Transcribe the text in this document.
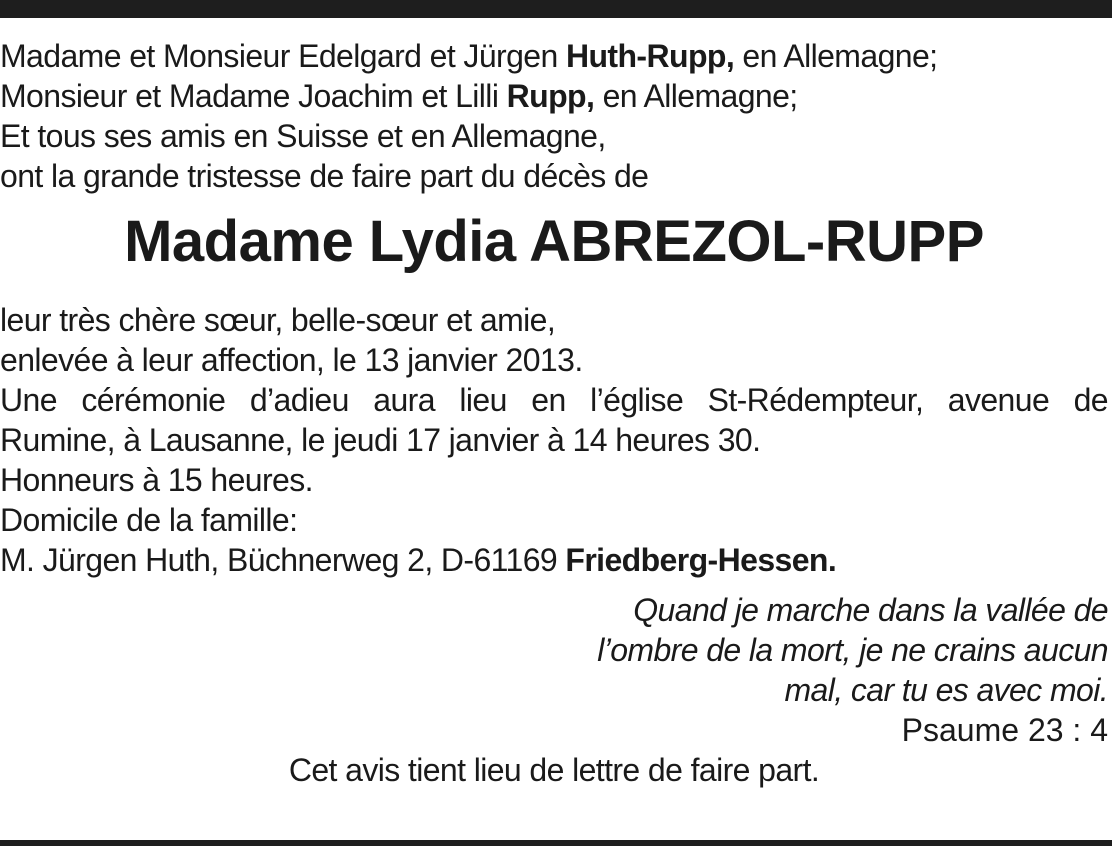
Madame et Monsieur Edelgard et Jürgen Huth-Rupp, en Allemagne;
Monsieur et Madame Joachim et Lilli Rupp, en Allemagne;
Et tous ses amis en Suisse et en Allemagne,
ont la grande tristesse de faire part du décès de
Madame Lydia ABREZOL-RUPP
leur très chère sœur, belle-sœur et amie,
enlevée à leur affection, le 13 janvier 2013.
Une cérémonie d’adieu aura lieu en l’église St-Rédempteur, avenue de
Rumine, à Lausanne, le jeudi 17 janvier à 14 heures 30.
Honneurs à 15 heures.
Domicile de la famille:
M. Jürgen Huth, Büchnerweg 2, D-61169 Friedberg-Hessen.
Quand je marche dans la vallée de
l’ombre de la mort, je ne crains aucun
mal, car tu es avec moi.
Psaume 23 : 4
Cet avis tient lieu de lettre de faire part.
